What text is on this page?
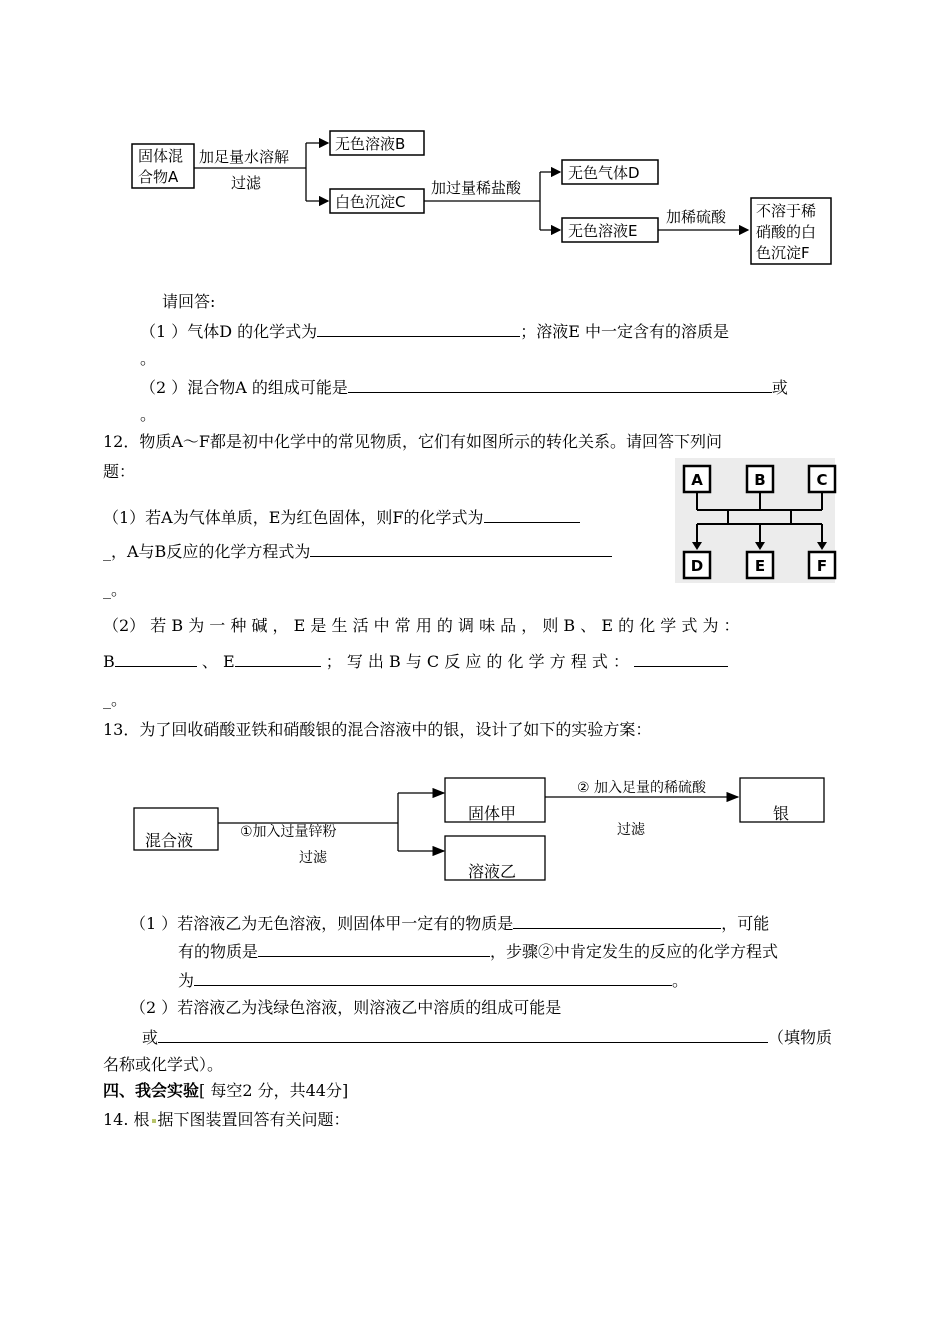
固体混
合物A
加足量水溶解
过滤
无色溶液B
白色沉淀C
加过量稀盐酸
无色气体D
无色溶液E
加稀硫酸 不溶于稀
硝酸的白
色沉淀F
请回答:
（1 ）气体D 的化学式为	；溶液E 中一定含有的溶质是
。
（2 ）混合物A 的组成可能是	或
。
12．物质A～F都是初中化学中的常见物质，它们有如图所示的转化关系。请回答下列问
题：
（1）若A为气体单质，E为红色固体，则F的化学式为
_，A与B反应的化学方程式为
_。
A	B	C
D	E	F
（2） 若 B 为 一 种 碱 ， E 是 生 活 中 常 用 的 调 味 品 ， 则 B 、 E 的 化 学 式 为 ：
B	、 E	； 写 出 B 与 C 反 应 的 化 学 方 程 式 ：
_。
13．为了回收硝酸亚铁和硝酸银的混合溶液中的银，设计了如下的实验方案：
混合液	①加入过量锌粉
过滤
固体甲
溶液乙
② 加入足量的稀硫酸
过滤
银
（1 ）若溶液乙为无色溶液，则固体甲一定有的物质是	，可能
有的物质是	，步骤②中肯定发生的反应的化学方程式
为	。
（2 ）若溶液乙为浅绿色溶液，则溶液乙中溶质的组成可能是
或	（填物质
名称或化学式）。
四、我会实验[ 每空2 分，共44分]
14. 根 据下图装置回答有关问题：
